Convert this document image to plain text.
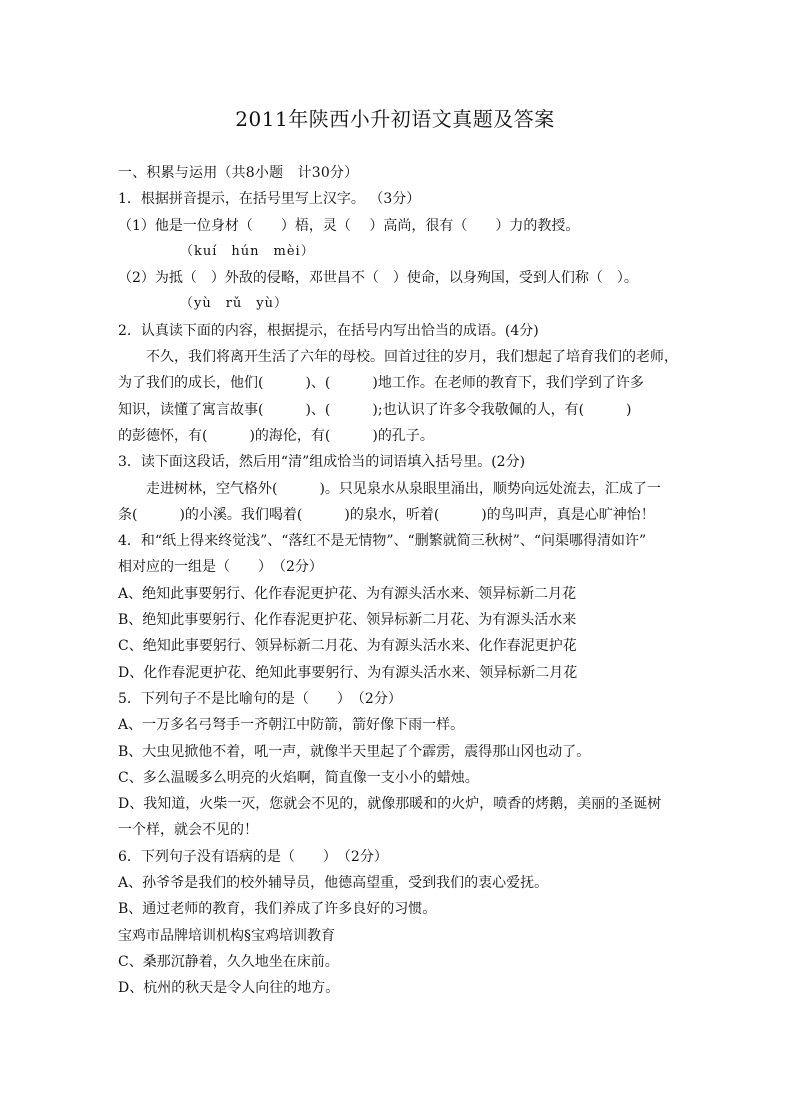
2011年陕西小升初语文真题及答案
一、积累与运用（共8小题　计30分）
1．根据拼音提示，在括号里写上汉字。 （3分）
（1）他是一位身材（　　）梧，灵（　 ）高尚，很有（　　）力的教授。
（kuí　hún　mèi）
（2）为抵（　）外敌的侵略，邓世昌不（　）使命，以身殉国，受到人们称（　）。
（yù　rǔ　yù）
2．认真读下面的内容，根据提示，在括号内写出恰当的成语。(4分)
不久，我们将离开生活了六年的母校。回首过往的岁月，我们想起了培育我们的老师，
为了我们的成长，他们(　　　)、(　　　)地工作。在老师的教育下，我们学到了许多
知识，读懂了寓言故事(　　　)、(　　　);也认识了许多令我敬佩的人，有(　　　)
的彭德怀，有(　　　)的海伦，有(　　　)的孔子。
3．读下面这段话，然后用“清”组成恰当的词语填入括号里。(2分)
走进树林，空气格外(　　　)。只见泉水从泉眼里涌出，顺势向远处流去，汇成了一
条(　　　)的小溪。我们喝着(　　　)的泉水，听着(　　　)的鸟叫声，真是心旷神怡！
4．和“纸上得来终觉浅”、“落红不是无情物”、“删繁就简三秋树”、“问渠哪得清如许”
相对应的一组是（　　）　（2分）
A、绝知此事要躬行、化作春泥更护花、为有源头活水来、领异标新二月花
B、绝知此事要躬行、化作春泥更护花、领异标新二月花、为有源头活水来
C、绝知此事要躬行、领异标新二月花、为有源头活水来、化作春泥更护花
D、化作春泥更护花、绝知此事要躬行、为有源头活水来、领异标新二月花
5．下列句子不是比喻句的是（　　）　（2分）
A、一万多名弓弩手一齐朝江中防箭，箭好像下雨一样。
B、大虫见掀他不着，吼一声，就像半天里起了个霹雳，震得那山冈也动了。
C、多么温暖多么明亮的火焰啊，简直像一支小小的蜡烛。
D、我知道，火柴一灭，您就会不见的，就像那暖和的火炉，喷香的烤鹅，美丽的圣诞树
一个样，就会不见的！
6．下列句子没有语病的是（　　）　（2分）
A、孙爷爷是我们的校外辅导员，他德高望重，受到我们的衷心爱抚。
B、通过老师的教育，我们养成了许多良好的习惯。
宝鸡市品牌培训机构§宝鸡培训教育
C、桑那沉静着，久久地坐在床前。
D、杭州的秋天是令人向往的地方。
